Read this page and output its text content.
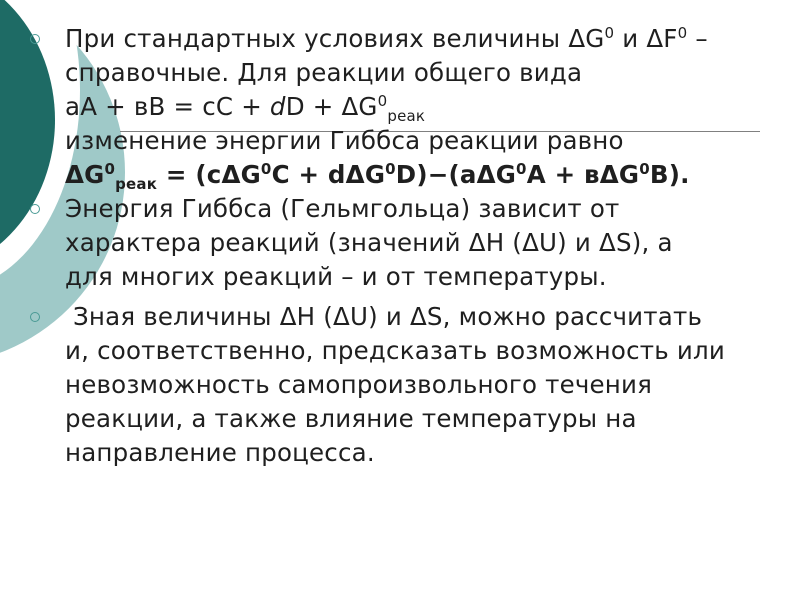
При стандартных условиях величины $\Delta G^0$ и $\Delta F^0$ –
справочные. Для реакции общего вида
аА + вВ = сС + dD + $\Delta G^0_{реак}$
изменение энергии Гиббса реакции равно
$\Delta G^0_{реак} = (с\Delta G^0C + d\Delta G^0D)-(a\Delta G^0A + в\Delta G^0B)$.
Энергия Гиббса (Гельмгольца) зависит от
характера реакций (значений ΔH (ΔU) и ΔS), а
для многих реакций – и от температуры.
Зная величины ΔH (ΔU) и ΔS, можно рассчитать
и, соответственно, предсказать возможность или
невозможность самопроизвольного течения
реакции, а также влияние температуры на
направление процесса.
